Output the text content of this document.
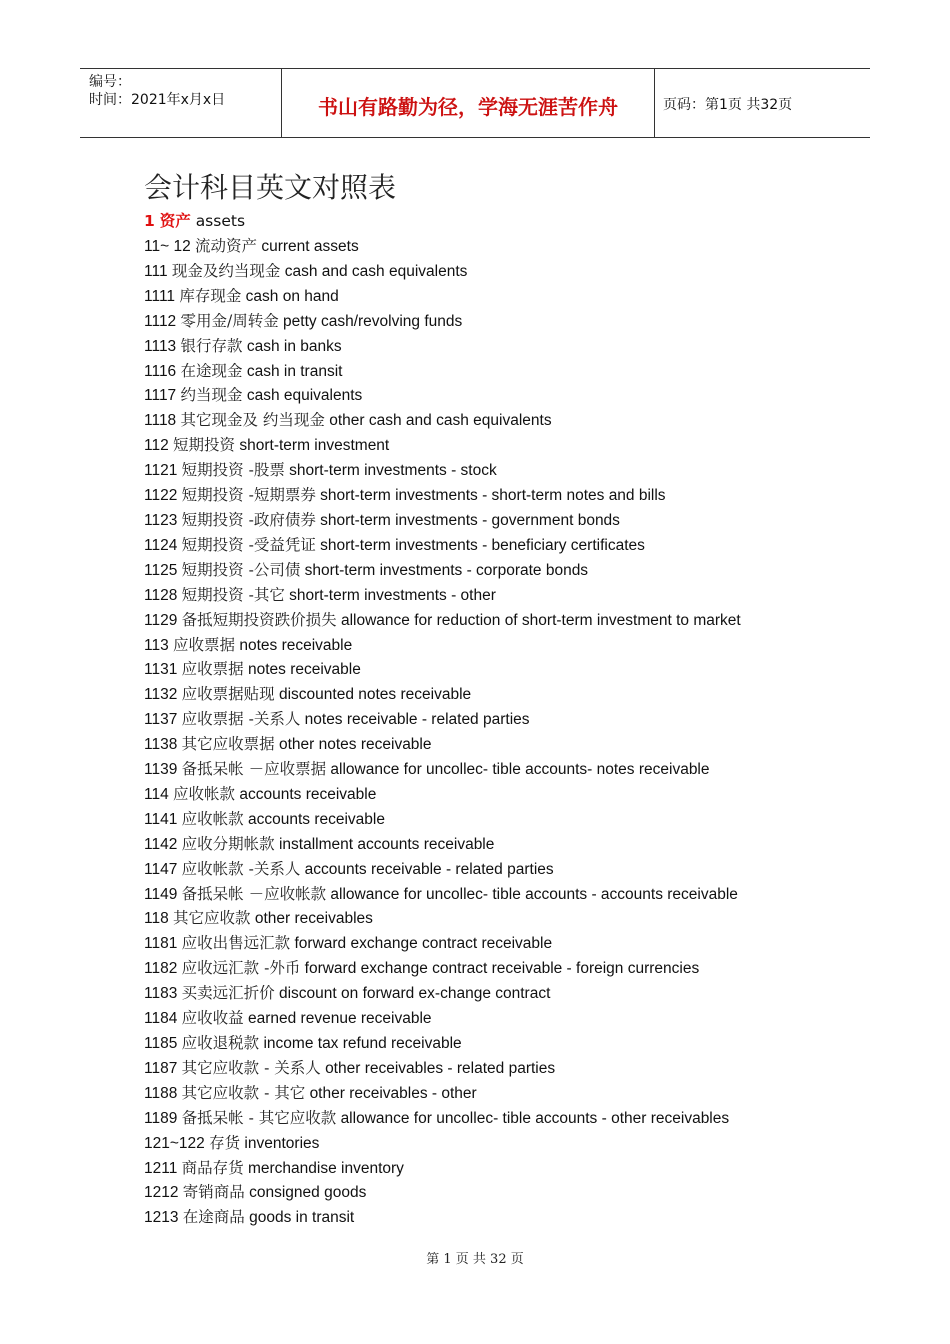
编号：
时间：2021年x月x日	书山有路勤为径，学海无涯苦作舟	页码：第1页 共32页
会计科目英文对照表
1 资产 assets
11~ 12 流动资产 current assets
111 现金及约当现金 cash and cash equivalents
1111 库存现金 cash on hand
1112 零用金/周转金 petty cash/revolving funds
1113 银行存款 cash in banks
1116 在途现金 cash in transit
1117 约当现金 cash equivalents
1118 其它现金及 约当现金 other cash and cash equivalents
112 短期投资 short-term investment
1121 短期投资 -股票 short-term investments - stock
1122 短期投资 -短期票券 short-term investments - short-term notes and bills
1123 短期投资 -政府债券 short-term investments - government bonds
1124 短期投资 -受益凭证 short-term investments - beneficiary certificates
1125 短期投资 -公司债 short-term investments - corporate bonds
1128 短期投资 -其它 short-term investments - other
1129 备抵短期投资跌价损失 allowance for reduction of short-term investment to market
113 应收票据 notes receivable
1131 应收票据 notes receivable
1132 应收票据贴现 discounted notes receivable
1137 应收票据 -关系人 notes receivable - related parties
1138 其它应收票据 other notes receivable
1139 备抵呆帐 －应收票据 allowance for uncollec- tible accounts- notes receivable
114 应收帐款 accounts receivable
1141 应收帐款 accounts receivable
1142 应收分期帐款 installment accounts receivable
1147 应收帐款 -关系人 accounts receivable - related parties
1149 备抵呆帐 －应收帐款 allowance for uncollec- tible accounts - accounts receivable
118 其它应收款 other receivables
1181 应收出售远汇款 forward exchange contract receivable
1182 应收远汇款 -外币 forward exchange contract receivable - foreign currencies
1183 买卖远汇折价 discount on forward ex-change contract
1184 应收收益 earned revenue receivable
1185 应收退税款 income tax refund receivable
1187 其它应收款 - 关系人 other receivables - related parties
1188 其它应收款 - 其它 other receivables - other
1189 备抵呆帐 - 其它应收款 allowance for uncollec- tible accounts - other receivables
121~122 存货 inventories
1211 商品存货 merchandise inventory
1212 寄销商品 consigned goods
1213 在途商品 goods in transit
第 1 页 共 32 页
